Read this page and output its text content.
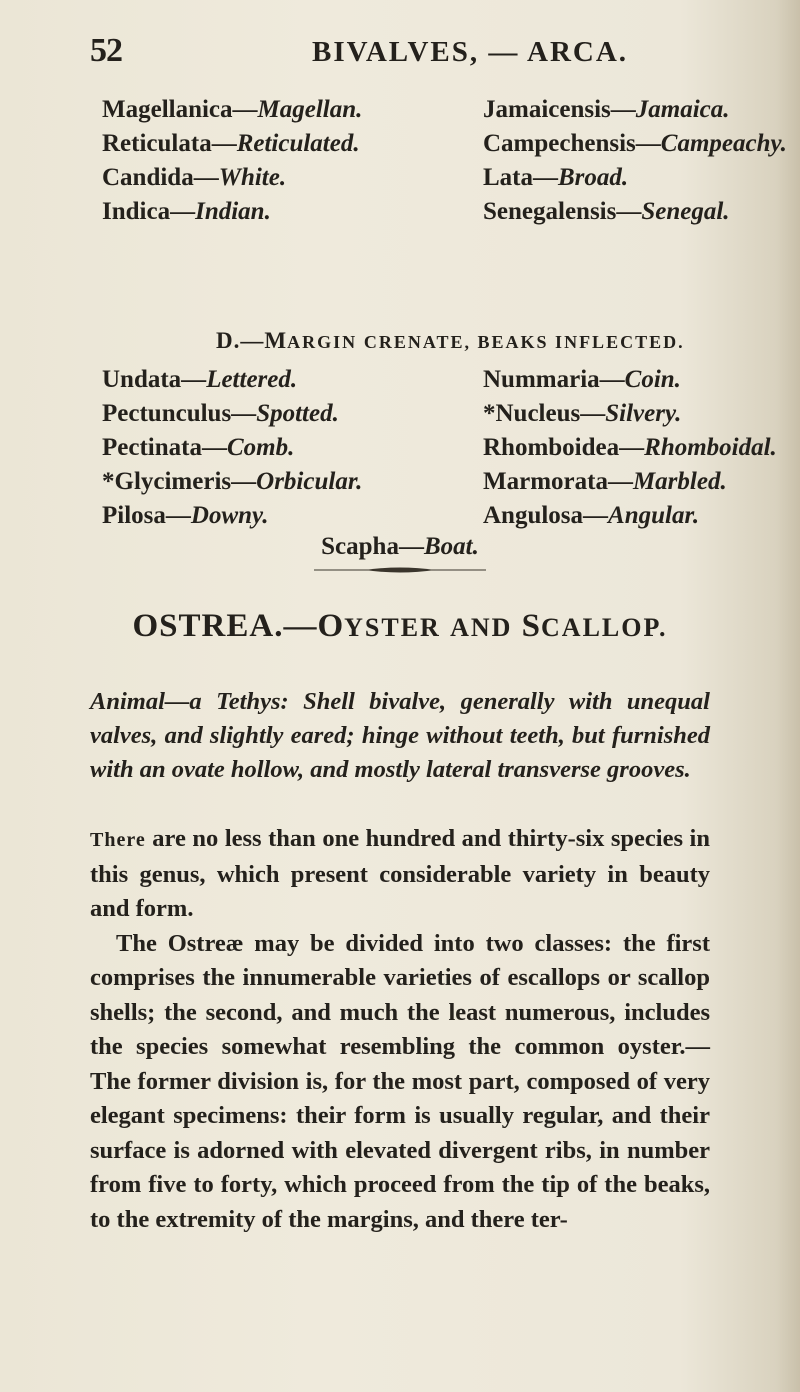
52	BIVALVES, — ARCA.
Magellanica—Magellan.	Jamaicensis—Jamaica.
Reticulata—Reticulated.	Campechensis—Campeachy.
Candida—White.	Lata—Broad.
Indica—Indian.	Senegalensis—Senegal.
D.—MARGIN CRENATE, BEAKS INFLECTED.
Undata—Lettered.	Nummaria—Coin.
Pectunculus—Spotted.	*Nucleus—Silvery.
Pectinata—Comb.	Rhomboidea—Rhomboidal.
*Glycimeris—Orbicular.	Marmorata—Marbled.
Pilosa—Downy.	Angulosa—Angular.
Scapha—Boat.
OSTREA.—OYSTER AND SCALLOP.
Animal—a Tethys: Shell bivalve, generally with unequal valves, and slightly eared; hinge without teeth, but furnished with an ovate hollow, and mostly lateral transverse grooves.

There are no less than one hundred and thirty-six species in this genus, which present considerable variety in beauty and form.

The Ostreæ may be divided into two classes: the first comprises the innumerable varieties of escallops or scallop shells; the second, and much the least numerous, includes the species somewhat resembling the common oyster.— The former division is, for the most part, composed of very elegant specimens: their form is usually regular, and their surface is adorned with elevated divergent ribs, in number from five to forty, which proceed from the tip of the beaks, to the extremity of the margins, and there ter-
